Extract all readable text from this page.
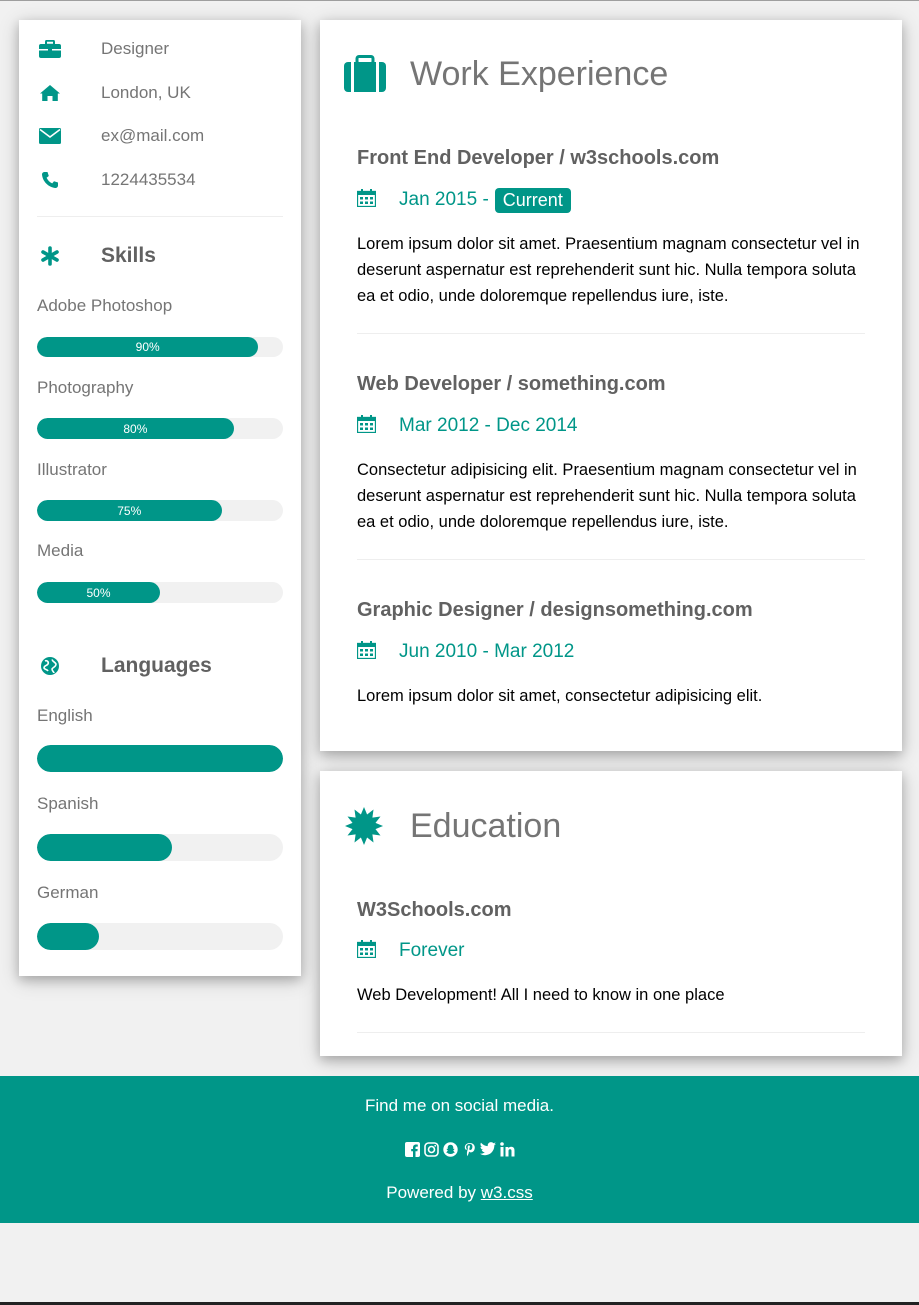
Designer
London, UK
ex@mail.com
1224435534
Skills
Adobe Photoshop
90%
Photography
80%
Illustrator
75%
Media
50%
Languages
English
Spanish
German
Work Experience
Front End Developer / w3schools.com
Jan 2015 - Current

Lorem ipsum dolor sit amet. Praesentium magnam consectetur vel in deserunt aspernatur est reprehenderit sunt hic. Nulla tempora soluta ea et odio, unde doloremque repellendus iure, iste.

Web Developer / something.com
Mar 2012 - Dec 2014

Consectetur adipisicing elit. Praesentium magnam consectetur vel in deserunt aspernatur est reprehenderit sunt hic. Nulla tempora soluta ea et odio, unde doloremque repellendus iure, iste.

Graphic Designer / designsomething.com
Jun 2010 - Mar 2012

Lorem ipsum dolor sit amet, consectetur adipisicing elit.

Education
W3Schools.com
Forever

Web Development! All I need to know in one place

Find me on social media.
Powered by w3.css
